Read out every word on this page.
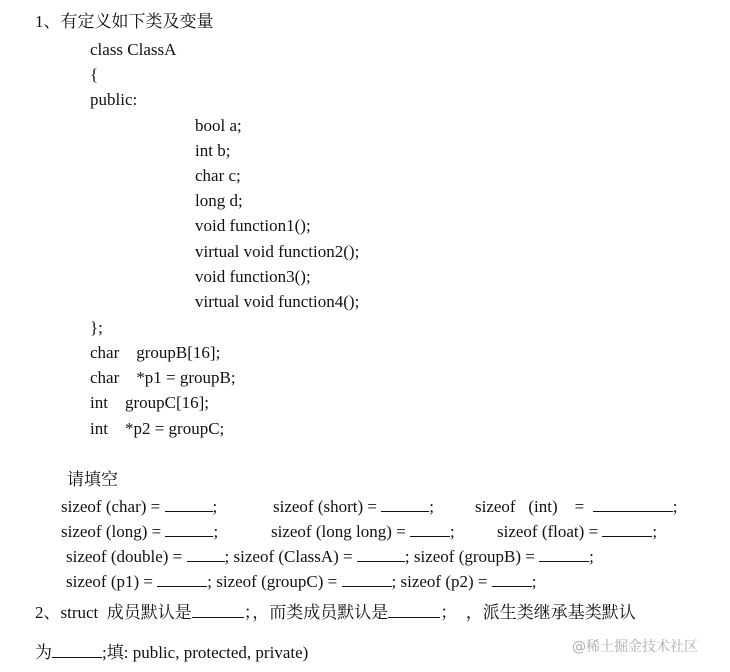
1、有定义如下类及变量
class ClassA
{
public:
bool a;
int b;
char c;
long d;
void function1();
virtual void function2();
void function3();
virtual void function4();
};
char    groupB[16];
char    *p1 = groupB;
int    groupC[16];
int    *p2 = groupC;
请填空
sizeof (char) =	;	sizeof (short) =	; sizeof   (int)    =	;
sizeof (long) =	;	sizeof (long long) = ; sizeof (float) =	;
sizeof (double) = ; sizeof (ClassA) =	; sizeof (groupB) =	;
sizeof (p1) =	; sizeof (groupC) =	; sizeof (p2) = ;
2、struct  成员默认是	；，而类成员默认是	；  ，派生类继承基类默认
为	;填: public, protected, private)	@稀土掘金技术社区
